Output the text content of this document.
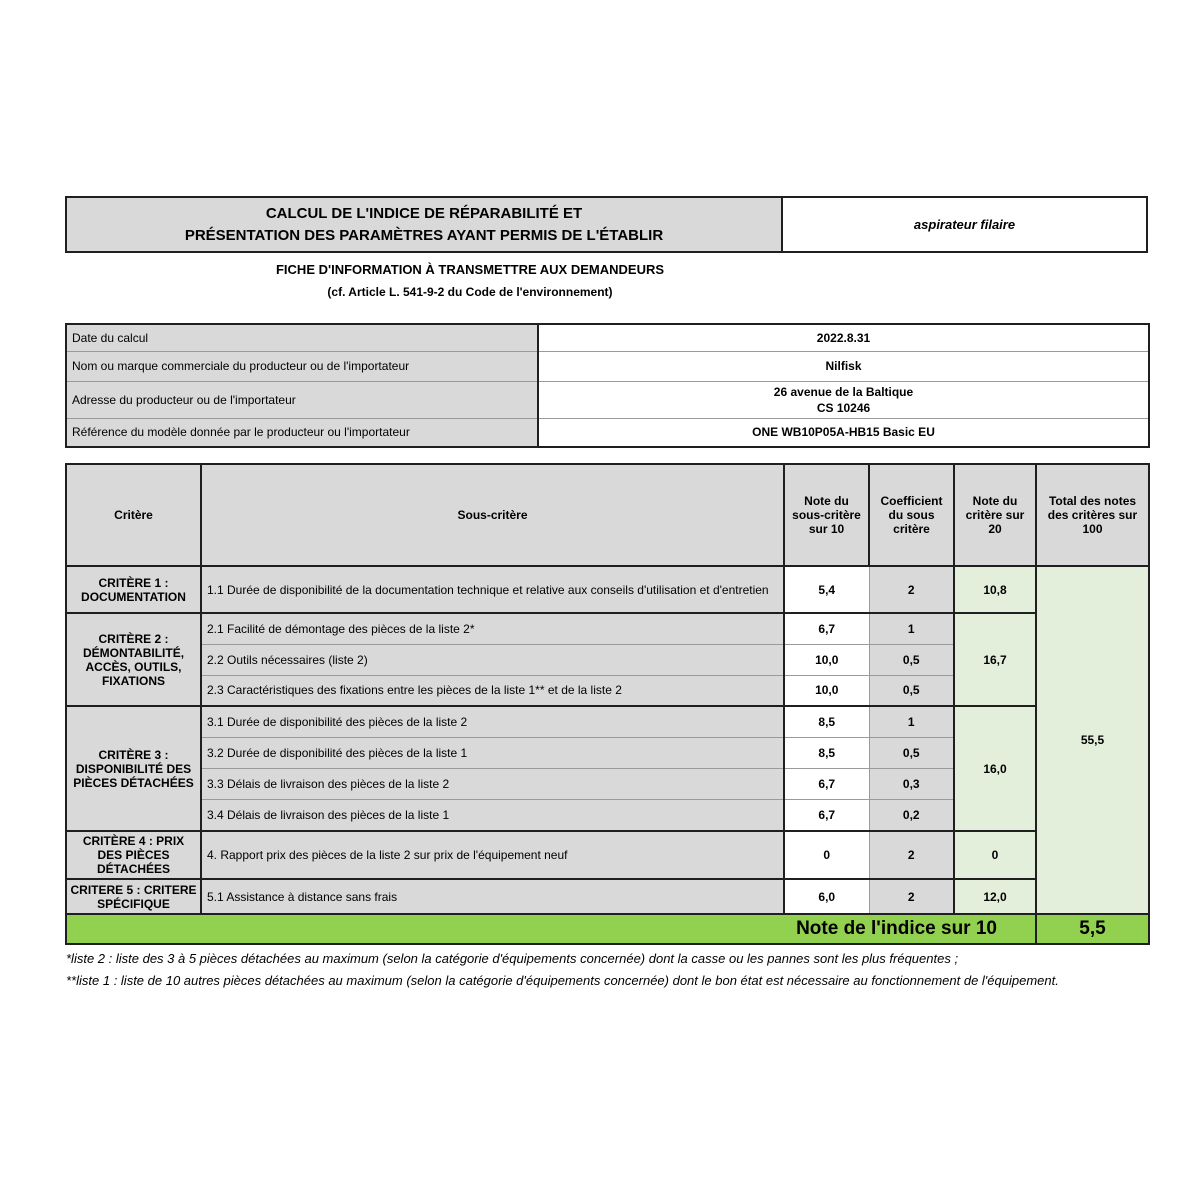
CALCUL DE L'INDICE DE RÉPARABILITÉ ET
PRÉSENTATION DES PARAMÈTRES AYANT PERMIS DE L'ÉTABLIR
aspirateur filaire
FICHE D'INFORMATION À TRANSMETTRE AUX DEMANDEURS
(cf. Article L. 541-9-2 du Code de l'environnement)
Date du calcul	2022.8.31
Nom ou marque commerciale du producteur ou de l'importateur	Nilfisk
Adresse du producteur ou de l'importateur	26 avenue de la Baltique
CS 10246

Référence du modèle donnée par le producteur ou l'importateur	ONE WB10P05A-HB15 Basic EU
Critère	Sous-critère	Note du sous-critère sur 10	Coefficient du sous critère	Note du critère sur 20	Total des notes des critères sur 100
CRITÈRE 1 : DOCUMENTATION	1.1 Durée de disponibilité de la documentation technique et relative aux conseils d'utilisation et d'entretien	5,4	2	10,8	55,5
CRITÈRE 2 : DÉMONTABILITÉ, ACCÈS, OUTILS, FIXATIONS	2.1 Facilité de démontage des pièces de la liste 2*	6,7	1	16,7	
	2.2 Outils nécessaires (liste 2)	10,0	0,5		
	2.3 Caractéristiques des fixations entre les pièces de la liste 1** et de la liste 2	10,0	0,5		
CRITÈRE 3 : DISPONIBILITÉ DES PIÈCES DÉTACHÉES	3.1 Durée de disponibilité des pièces de la liste 2	8,5	1	16,0	
	3.2 Durée de disponibilité des pièces de la liste 1	8,5	0,5		
	3.3 Délais de livraison des pièces de la liste 2	6,7	0,3		
	3.4 Délais de livraison des pièces de la liste 1	6,7	0,2		
CRITÈRE 4 : PRIX DES PIÈCES DÉTACHÉES	4. Rapport prix des pièces de la liste 2 sur prix de l'équipement neuf	0	2	0	
CRITERE 5 : CRITERE SPÉCIFIQUE	5.1 Assistance à distance sans frais	6,0	2	12,0	
Note de l'indice sur 10					5,5
*liste 2 : liste des 3 à 5 pièces détachées au maximum (selon la catégorie d'équipements concernée) dont la casse ou les pannes sont les plus fréquentes ;
**liste 1 : liste de 10 autres pièces détachées au maximum (selon la catégorie d'équipements concernée) dont le bon état est nécessaire au fonctionnement de l'équipement.
